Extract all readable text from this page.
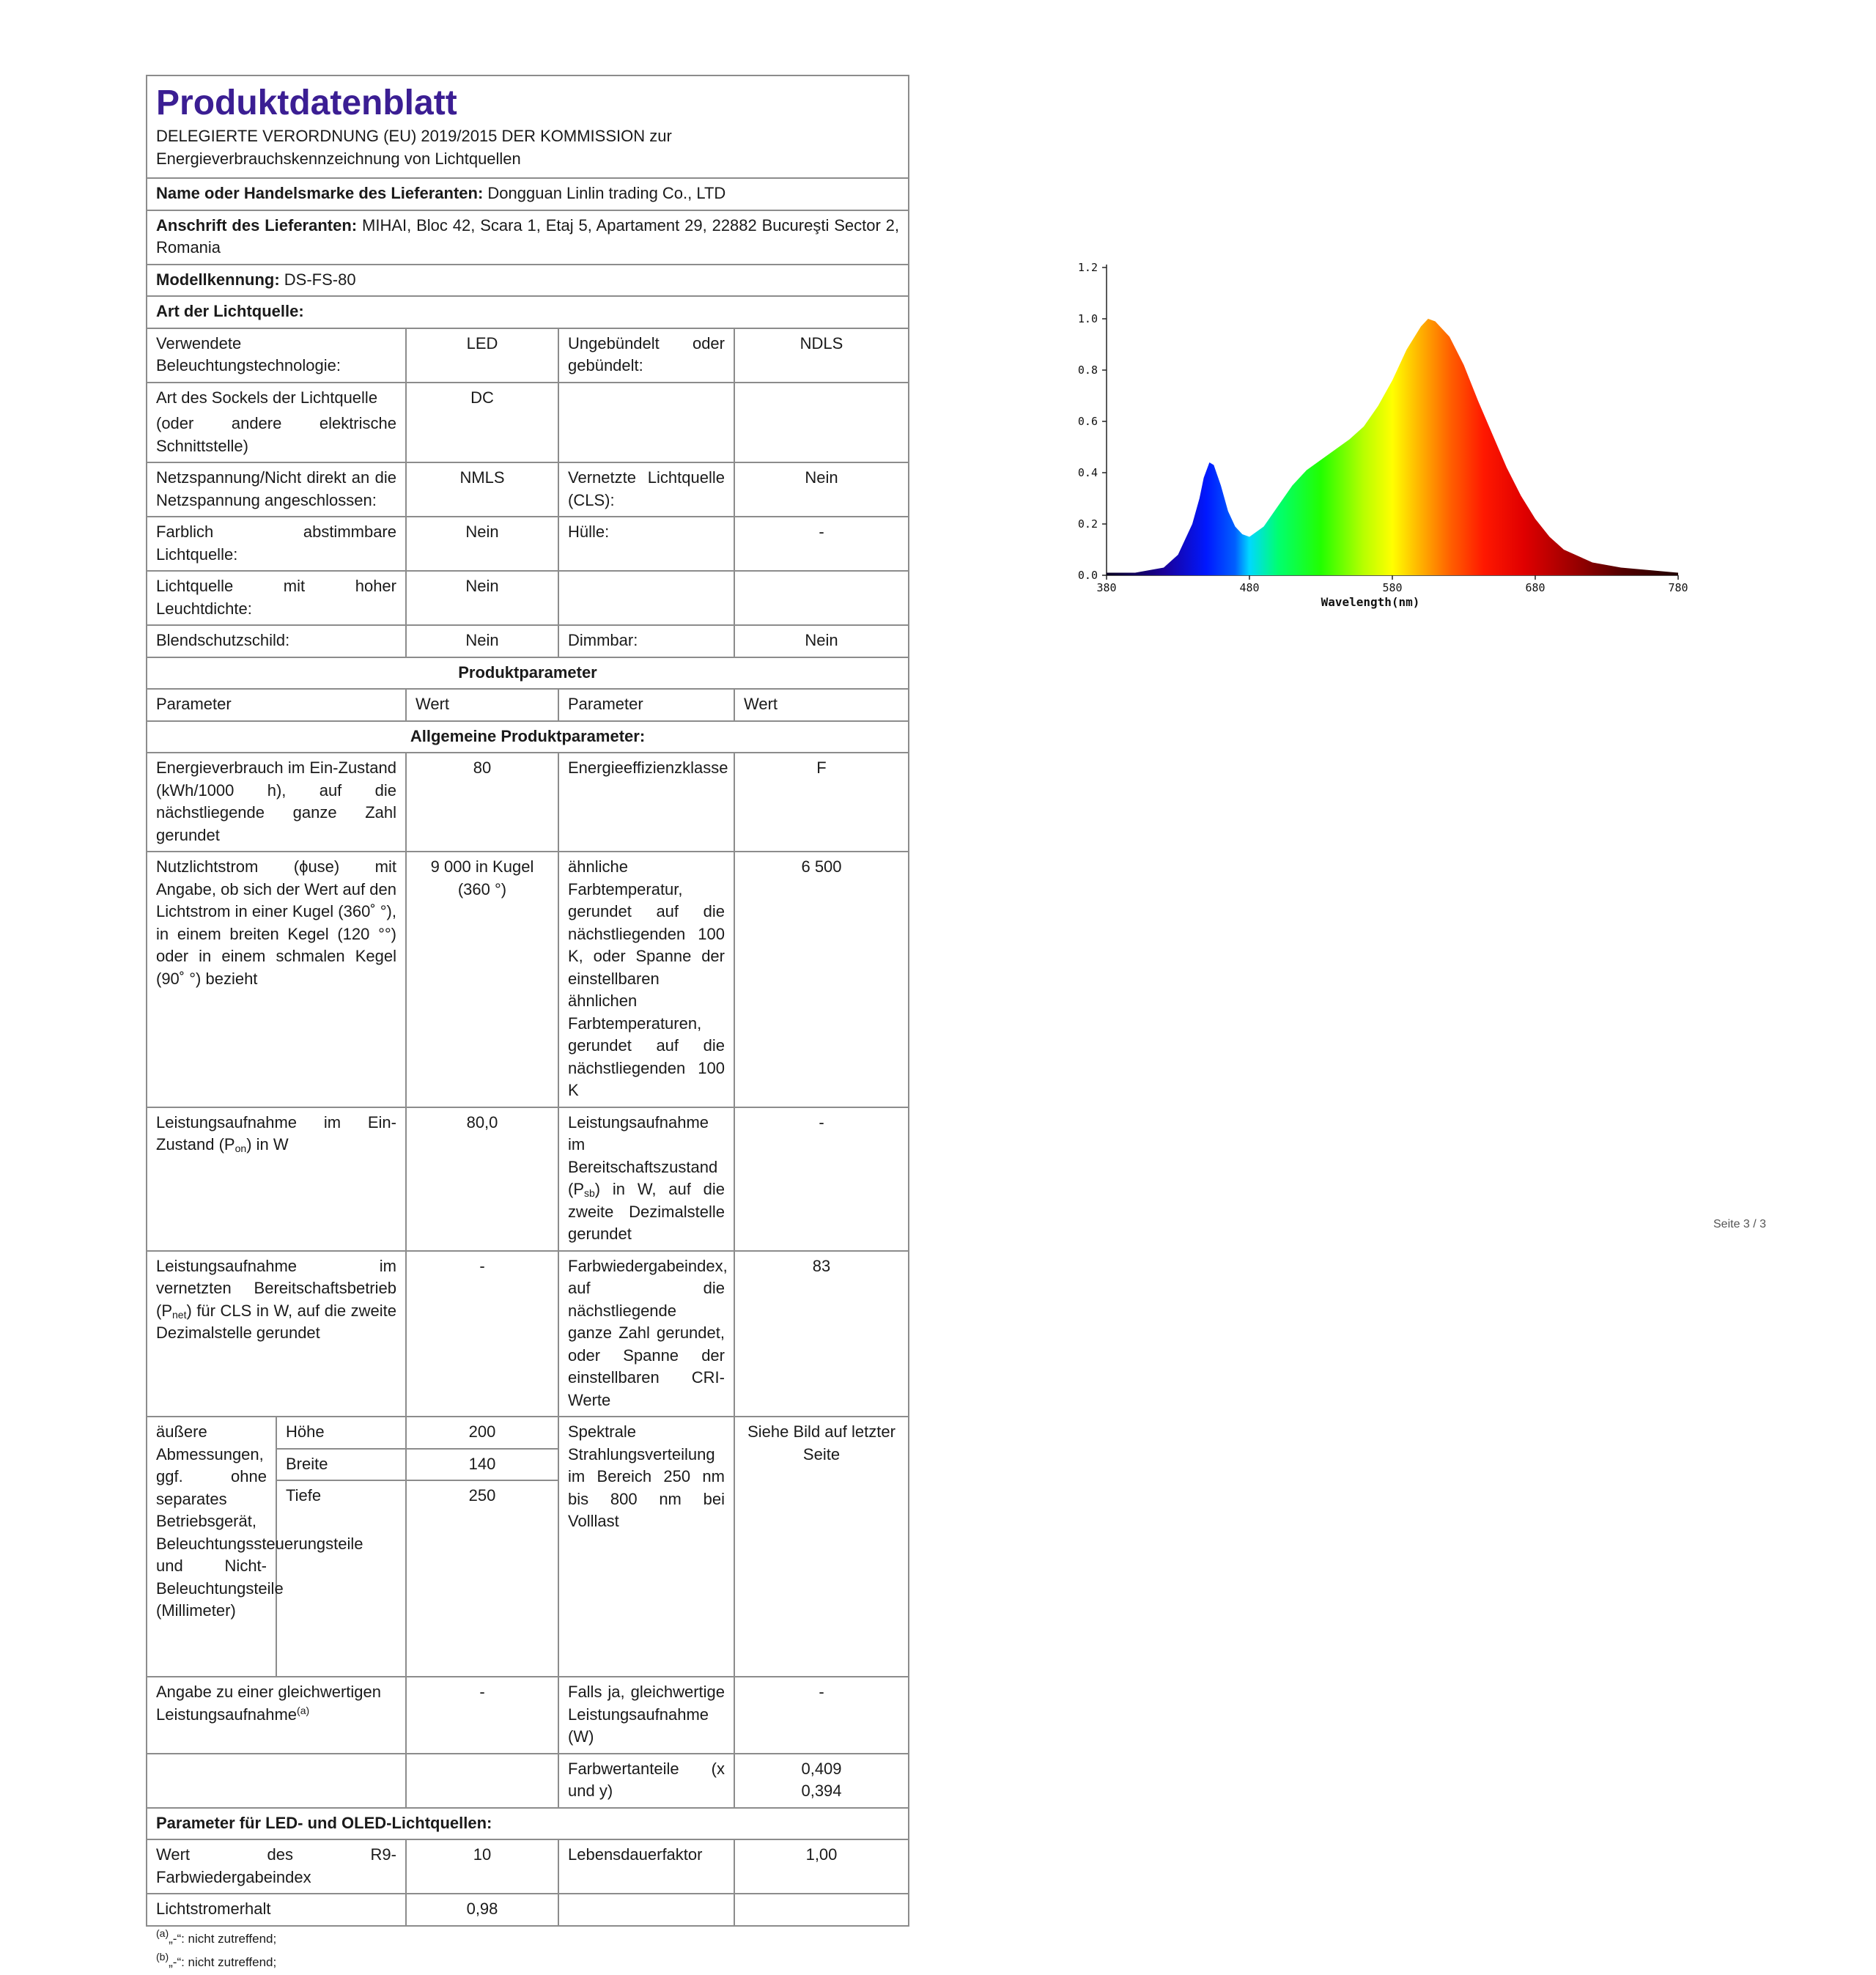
Produktdatenblatt
DELEGIERTE VERORDNUNG (EU) 2019/2015 DER KOMMISSION zur Energieverbrauchskennzeichnung von Lichtquellen				

Name oder Handelsmarke des Lieferanten: Dongguan Linlin trading Co., LTD				
Anschrift des Lieferanten: MIHAI, Bloc 42, Scara 1, Etaj 5, Apartament 29, 22882 Bucureşti Sector 2, Romania				
Modellkennung: DS-FS-80				
Art der Lichtquelle:				
Verwendete Beleuchtungstechnologie:		LED	Ungebündelt oder gebündelt:	NDLS

Art des Sockels der Lichtquelle
(oder andere elektrische Schnittstelle)		DC		
Netzspannung/Nicht direkt an die Netzspannung angeschlossen:		NMLS	Vernetzte Lichtquelle (CLS):	Nein
Farblich abstimmbare Lichtquelle:		Nein	Hülle:	-
Lichtquelle mit hoher Leuchtdichte:		Nein		
Blendschutzschild:		Nein	Dimmbar:	Nein
Produktparameter				
Parameter		Wert	Parameter	Wert
Allgemeine Produktparameter:				
Energieverbrauch im Ein-Zustand (kWh/1000 h), auf die nächstliegende ganze Zahl gerundet		80	Energieeffizienzklasse	F
Nutzlichtstrom (ϕuse) mit Angabe, ob sich der Wert auf den Lichtstrom in einer Kugel (360˚ °), in einem breiten Kegel (120 °°) oder in einem schmalen Kegel (90˚ °) bezieht		9 000 in Kugel (360 °)	ähnliche Farbtemperatur, gerundet auf die nächstliegenden 100 K, oder Spanne der einstellbaren ähnlichen Farbtemperaturen, gerundet auf die nächstliegenden 100 K	6 500
Leistungsaufnahme im Ein-Zustand $(P_{on})$ in W		80,0	Leistungsaufnahme im Bereitschaftszustand $(P_{sb})$ in W, auf die zweite Dezimalstelle gerundet	-
Leistungsaufnahme im vernetzten Bereitschaftsbetrieb $(P_{net})$ für CLS in W, auf die zweite Dezimalstelle gerundet		-	Farbwiedergabeindex, auf die nächstliegende ganze Zahl gerundet, oder Spanne der einstellbaren CRI-Werte	83
äußere Abmessungen, ggf. ohne separates Betriebsgerät, Beleuchtungssteuerungsteile und Nicht-Beleuchtungsteile (Millimeter)	Höhe	200	Spektrale Strahlungsverteilung im Bereich 250 nm bis 800 nm bei Volllast	Siehe Bild auf letzter Seite
	Breite	140		
	Tiefe	250		
Angabe zu einer gleichwertigen Leistungsaufnahme$^{(a)}$		-	Falls ja, gleichwertige Leistungsaufnahme (W)	-
			Farbwertanteile (x und y)	0,409
0,394

Parameter für LED- und OLED-Lichtquellen:				
Wert des R9-Farbwiedergabeindex		10	Lebensdauerfaktor	1,00
Lichtstromerhalt		0,98		
$^{(a)}$„-“: nicht zutreffend;
$^{(b)}$„-“: nicht zutreffend;
380	480	580	680	780
0.0
0.2
0.4
0.6
0.8
1.0
1.2
Wavelength(nm)
Seite 3 / 3
